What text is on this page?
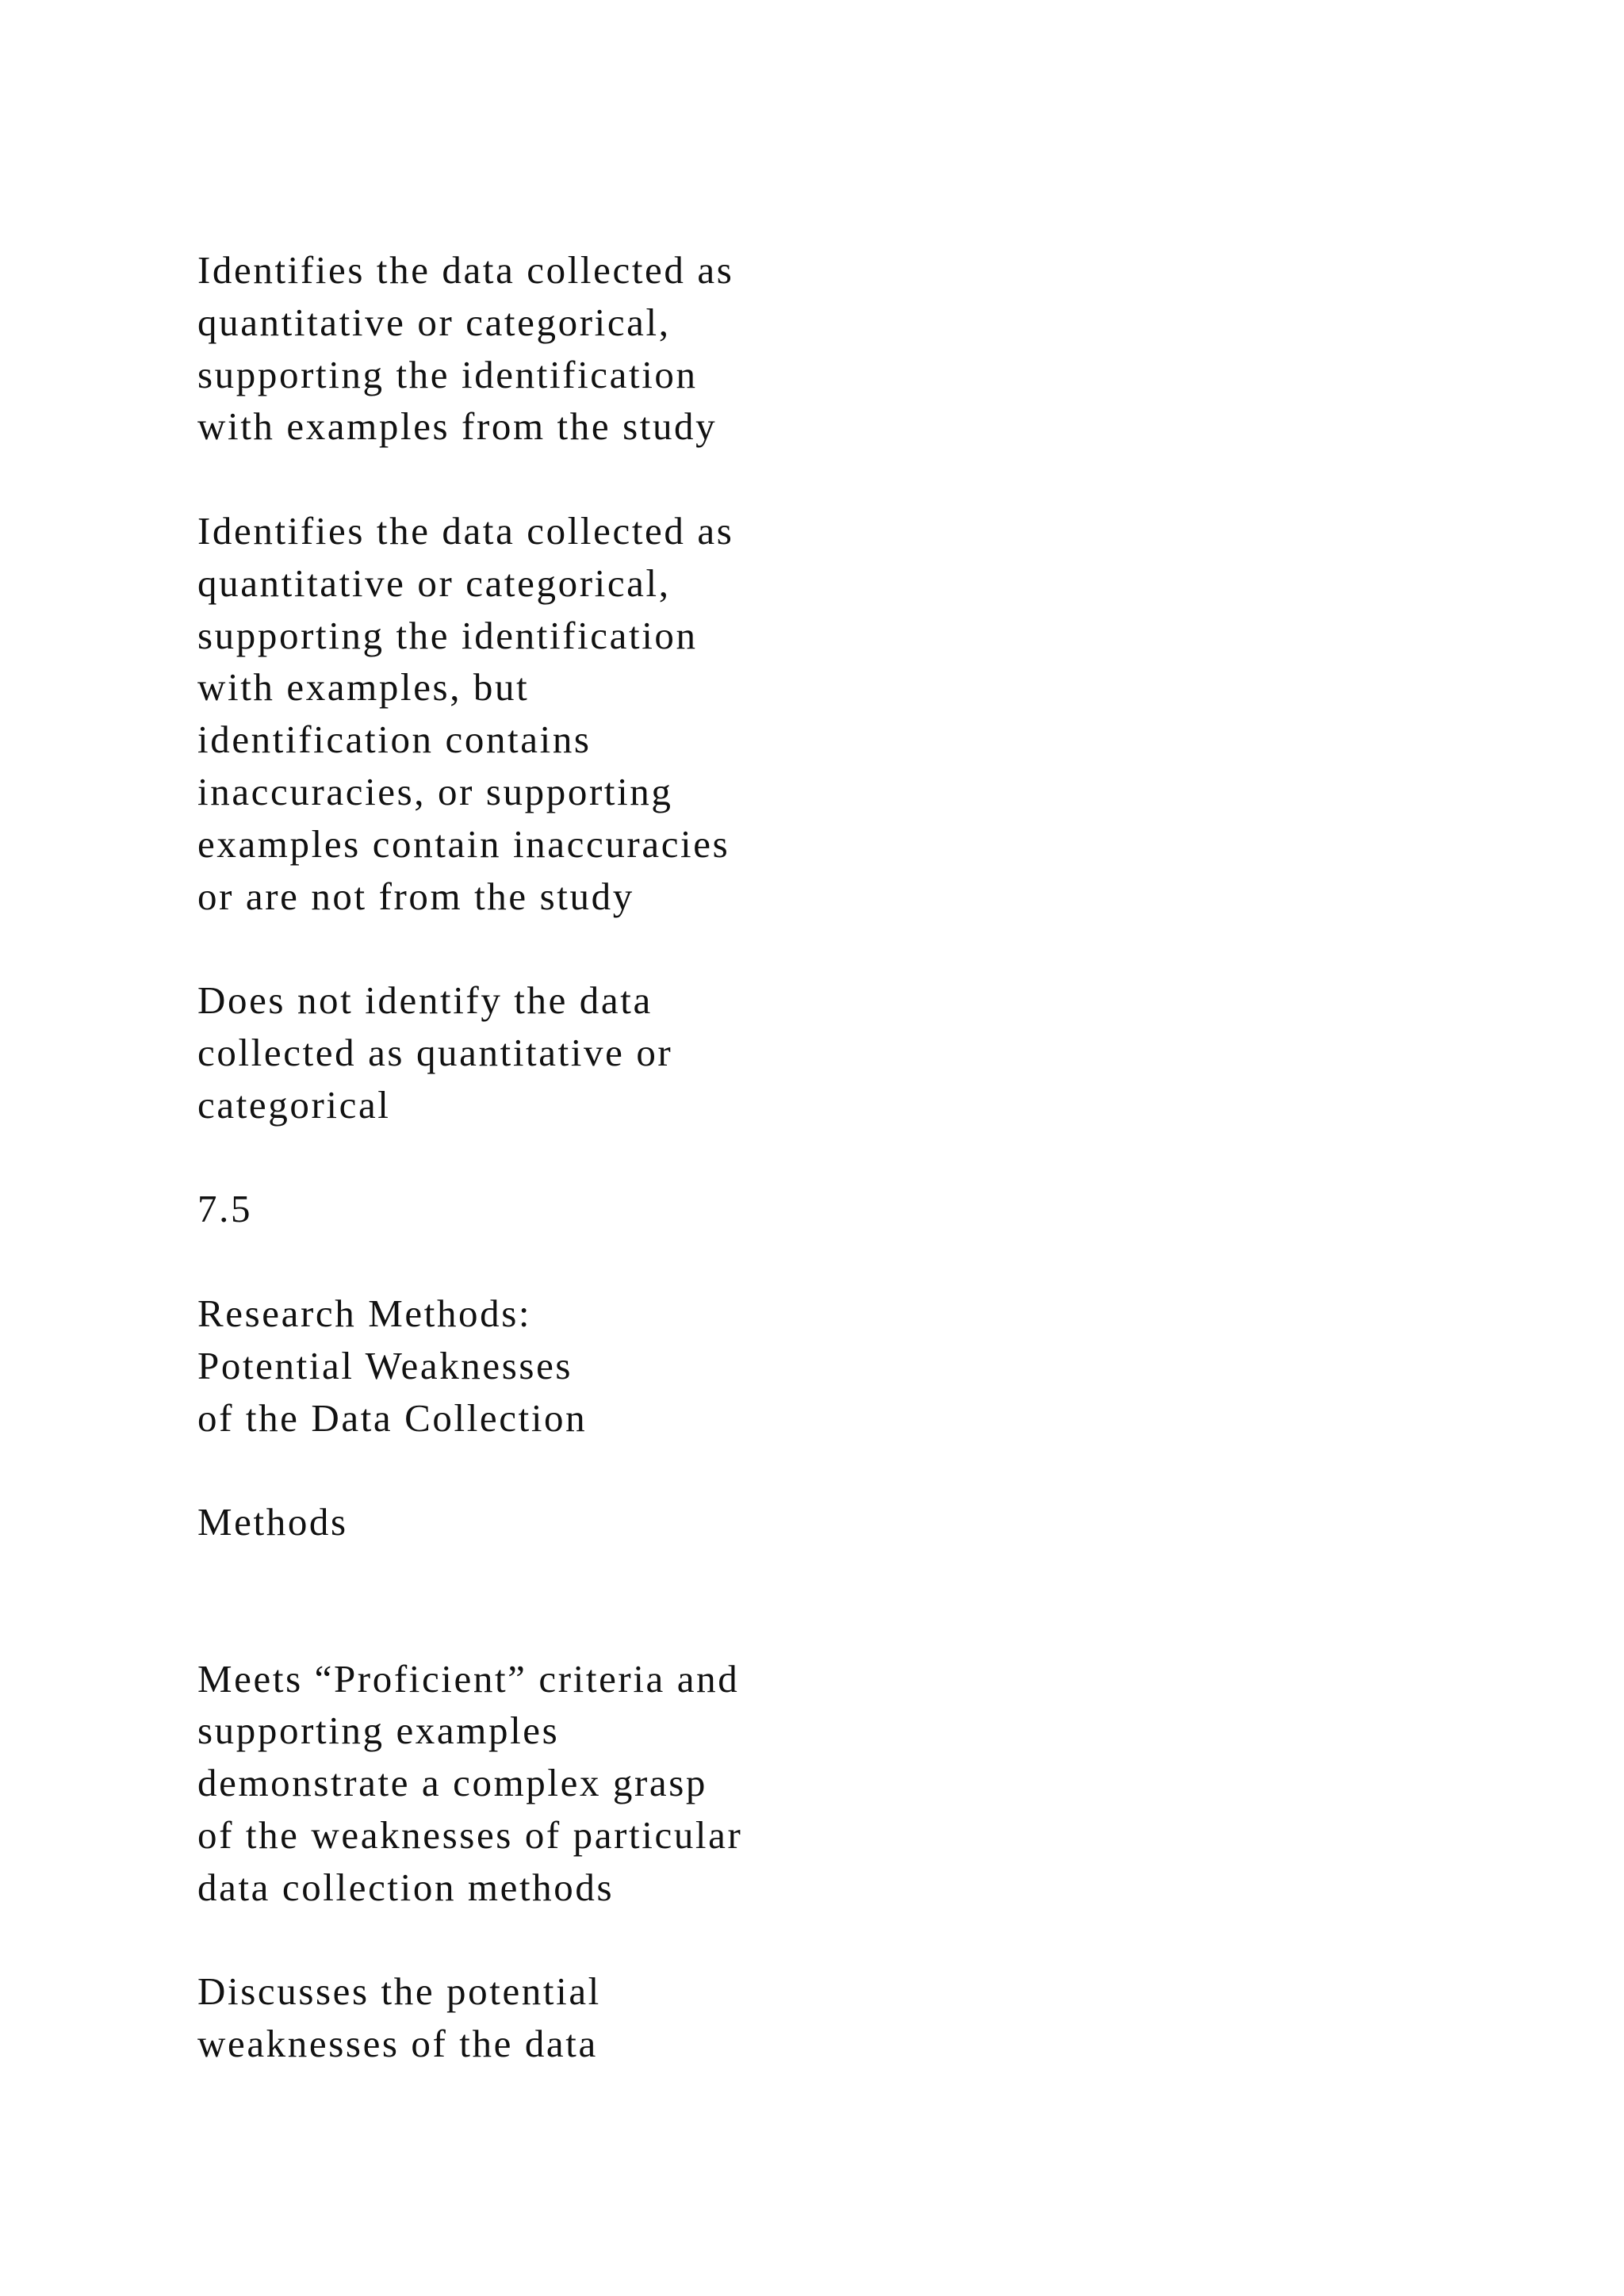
Identifies the data collected as
quantitative or categorical,
supporting the identification
with examples from the study
Identifies the data collected as
quantitative or categorical,
supporting the identification
with examples, but
identification contains
inaccuracies, or supporting
examples contain inaccuracies
or are not from the study
Does not identify the data
collected as quantitative or
categorical
7.5
Research Methods:
Potential Weaknesses
of the Data Collection
Methods
Meets “Proficient” criteria and
supporting examples
demonstrate a complex grasp
of the weaknesses of particular
data collection methods
Discusses the potential
weaknesses of the data
